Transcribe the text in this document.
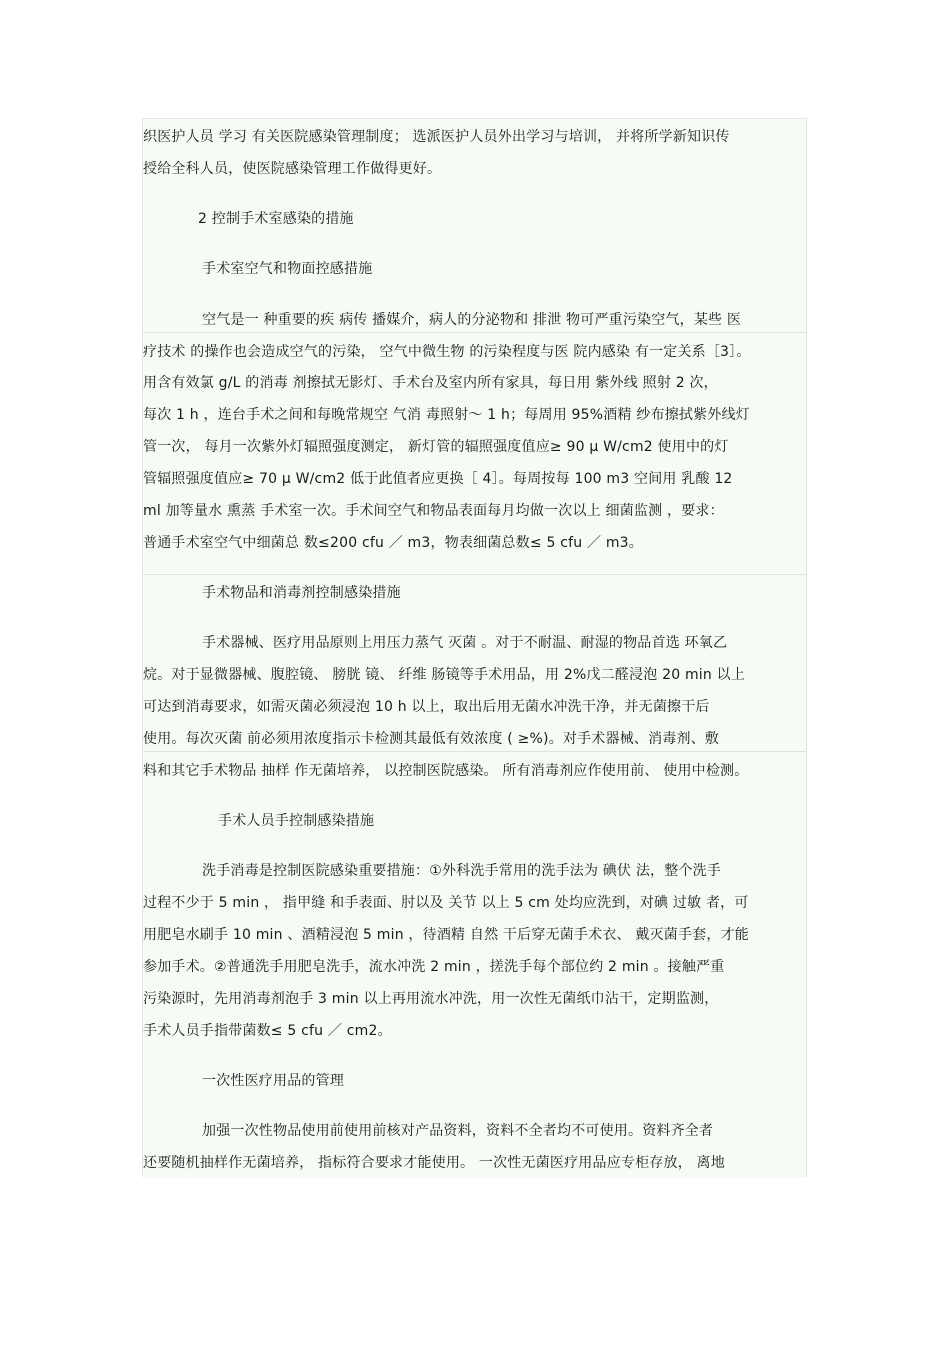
织医护人员 学习 有关医院感染管理制度； 选派医护人员外出学习与培训， 并将所学新知识传
授给全科人员，使医院感染管理工作做得更好。
2 控制手术室感染的措施
手术室空气和物面控感措施
空气是一 种重要的疾 病传 播媒介，病人的分泌物和 排泄 物可严重污染空气，某些 医
疗技术 的操作也会造成空气的污染， 空气中微生物 的污染程度与医 院内感染 有一定关系［3］。
用含有效氯 g/L 的消毒 剂擦拭无影灯、手术台及室内所有家具，每日用 紫外线 照射 2 次，
每次 1 h ，连台手术之间和每晚常规空 气消 毒照射～ 1 h；每周用 95%酒精 纱布擦拭紫外线灯
管一次， 每月一次紫外灯辐照强度测定， 新灯管的辐照强度值应≥ 90 μ W/cm2 使用中的灯
管辐照强度值应≥ 70 μ W/cm2 低于此值者应更换［ 4］。每周按每 100 m3 空间用 乳酸 12
ml 加等量水 熏蒸 手术室一次。手术间空气和物品表面每月均做一次以上 细菌监测 ，要求：
普通手术室空气中细菌总 数≤200 cfu ／ m3，物表细菌总数≤ 5 cfu ／ m3。
手术物品和消毒剂控制感染措施
手术器械、医疗用品原则上用压力蒸气 灭菌 。对于不耐温、耐湿的物品首选 环氧乙
烷。对于显微器械、腹腔镜、 膀胱 镜、 纤维 肠镜等手术用品，用 2%戊二醛浸泡 20 min 以上
可达到消毒要求，如需灭菌必须浸泡 10 h 以上，取出后用无菌水冲洗干净，并无菌擦干后
使用。每次灭菌 前必须用浓度指示卡检测其最低有效浓度 ( ≥%)。对手术器械、消毒剂、敷
料和其它手术物品 抽样 作无菌培养， 以控制医院感染。 所有消毒剂应作使用前、 使用中检测。
手术人员手控制感染措施
洗手消毒是控制医院感染重要措施：①外科洗手常用的洗手法为 碘伏 法，整个洗手
过程不少于 5 min ， 指甲缝 和手表面、肘以及 关节 以上 5 cm 处均应洗到，对碘 过敏 者，可
用肥皂水刷手 10 min 、酒精浸泡 5 min ，待酒精 自然 干后穿无菌手术衣、 戴灭菌手套，才能
参加手术。②普通洗手用肥皂洗手，流水冲洗 2 min ，搓洗手每个部位约 2 min 。接触严重
污染源时，先用消毒剂泡手 3 min 以上再用流水冲洗，用一次性无菌纸巾沾干，定期监测，
手术人员手指带菌数≤ 5 cfu ／ cm2。
一次性医疗用品的管理
加强一次性物品使用前使用前核对产品资料，资料不全者均不可使用。资料齐全者
还要随机抽样作无菌培养， 指标符合要求才能使用。 一次性无菌医疗用品应专柜存放， 离地
